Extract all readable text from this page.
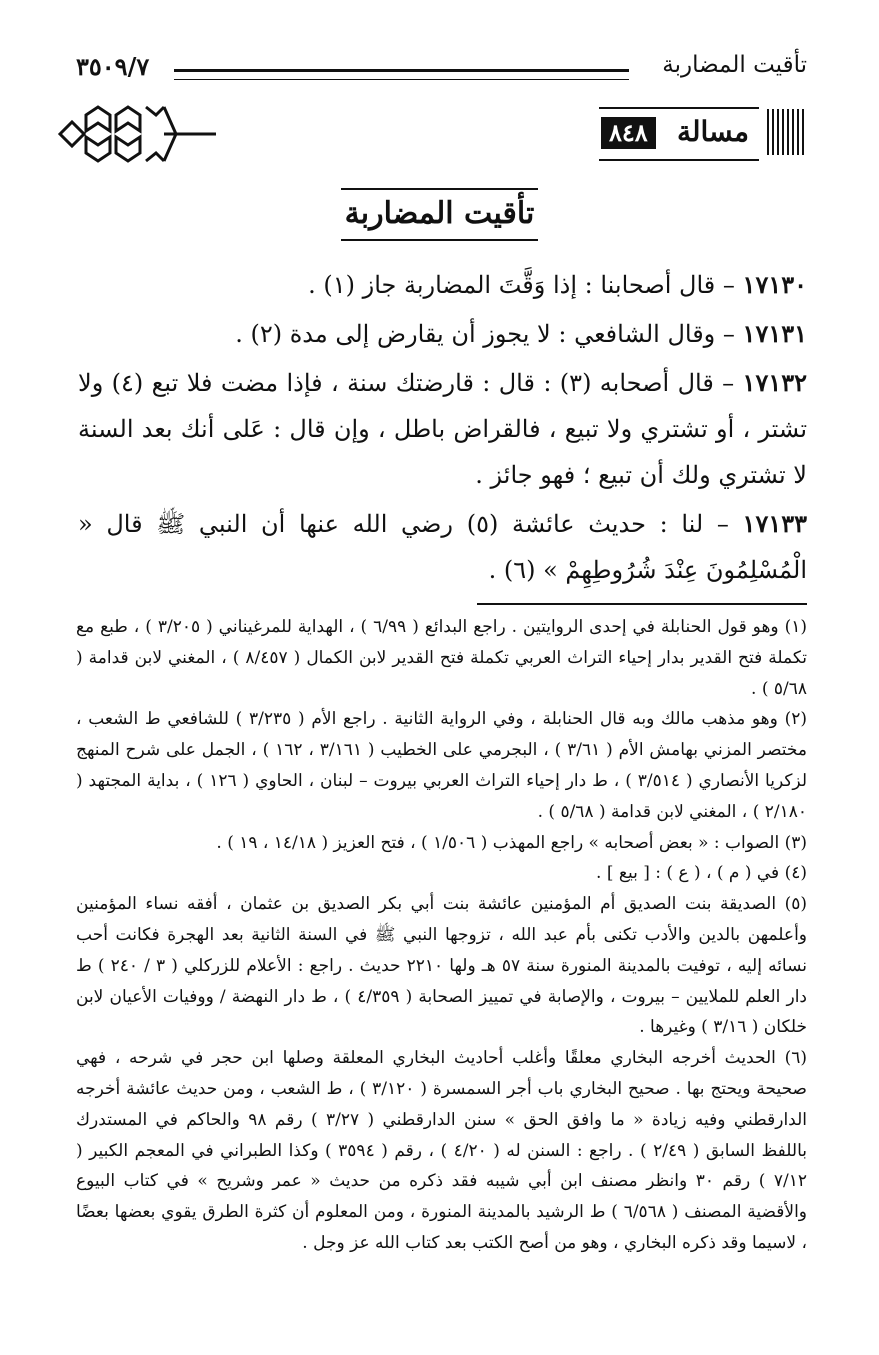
تأقيت المضاربة
٣٥٠٩/٧
مسالة
٨٤٨
تأقيت المضاربة

١٧١٣٠ – قال أصحابنا : إذا وَقَّتَ المضاربة جاز (١) .

١٧١٣١ – وقال الشافعي : لا يجوز أن يقارض إلى مدة (٢) .

١٧١٣٢ – قال أصحابه (٣) : قال : قارضتك سنة ، فإذا مضت فلا تبع (٤) ولا تشتر ، أو تشتري ولا تبيع ، فالقراض باطل ، وإن قال : عَلى أنك بعد السنة لا تشتري ولك أن تبيع ؛ فهو جائز .

١٧١٣٣ – لنا : حديث عائشة (٥) رضي الله عنها أن النبي ﷺ قال « الْمُسْلِمُونَ عِنْدَ شُرُوطِهِمْ » (٦) .

(١) وهو قول الحنابلة في إحدى الروايتين . راجع البدائع ( ٦/٩٩ ) ، الهداية للمرغيناني ( ٣/٢٠٥ ) ، طبع مع تكملة فتح القدير بدار إحياء التراث العربي تكملة فتح القدير لابن الكمال ( ٨/٤٥٧ ) ، المغني لابن قدامة ( ٥/٦٨ ) .

(٢) وهو مذهب مالك وبه قال الحنابلة ، وفي الرواية الثانية . راجع الأم ( ٣/٢٣٥ ) للشافعي ط الشعب ، مختصر المزني بهامش الأم ( ٣/٦١ ) ، البجرمي على الخطيب ( ٣/١٦١ ، ١٦٢ ) ، الجمل على شرح المنهج لزكريا الأنصاري ( ٣/٥١٤ ) ، ط دار إحياء التراث العربي بيروت – لبنان ، الحاوي ( ١٢٦ ) ، بداية المجتهد ( ٢/١٨٠ ) ، المغني لابن قدامة ( ٥/٦٨ ) .

(٣) الصواب : « بعض أصحابه » راجع المهذب ( ١/٥٠٦ ) ، فتح العزيز ( ١٤/١٨ ، ١٩ ) .

(٤) في ( م ) ، ( ع ) : [ بيع ] .

(٥) الصديقة بنت الصديق أم المؤمنين عائشة بنت أبي بكر الصديق بن عثمان ، أفقه نساء المؤمنين وأعلمهن بالدين والأدب تكنى بأم عبد الله ، تزوجها النبي ﷺ في السنة الثانية بعد الهجرة فكانت أحب نسائه إليه ، توفيت بالمدينة المنورة سنة ٥٧ هـ ولها ٢٢١٠ حديث . راجع : الأعلام للزركلي ( ٣ / ٢٤٠ ) ط دار العلم للملايين – بيروت ، والإصابة في تمييز الصحابة ( ٤/٣٥٩ ) ، ط دار النهضة / ووفيات الأعيان لابن خلكان ( ٣/١٦ ) وغيرها .

(٦) الحديث أخرجه البخاري معلقًا وأغلب أحاديث البخاري المعلقة وصلها ابن حجر في شرحه ، فهي صحيحة ويحتج بها . صحيح البخاري باب أجر السمسرة ( ٣/١٢٠ ) ، ط الشعب ، ومن حديث عائشة أخرجه الدارقطني وفيه زيادة « ما وافق الحق » سنن الدارقطني ( ٣/٢٧ ) رقم ٩٨ والحاكم في المستدرك باللفظ السابق ( ٢/٤٩ ) . راجع : السنن له ( ٤/٢٠ ) ، رقم ( ٣٥٩٤ ) وكذا الطبراني في المعجم الكبير ( ٧/١٢ ) رقم ٣٠ وانظر مصنف ابن أبي شيبه فقد ذكره من حديث « عمر وشريح » في كتاب البيوع والأقضية المصنف ( ٦/٥٦٨ ) ط الرشيد بالمدينة المنورة ، ومن المعلوم أن كثرة الطرق يقوي بعضها بعضًا ، لاسيما وقد ذكره البخاري ، وهو من أصح الكتب بعد كتاب الله عز وجل .
